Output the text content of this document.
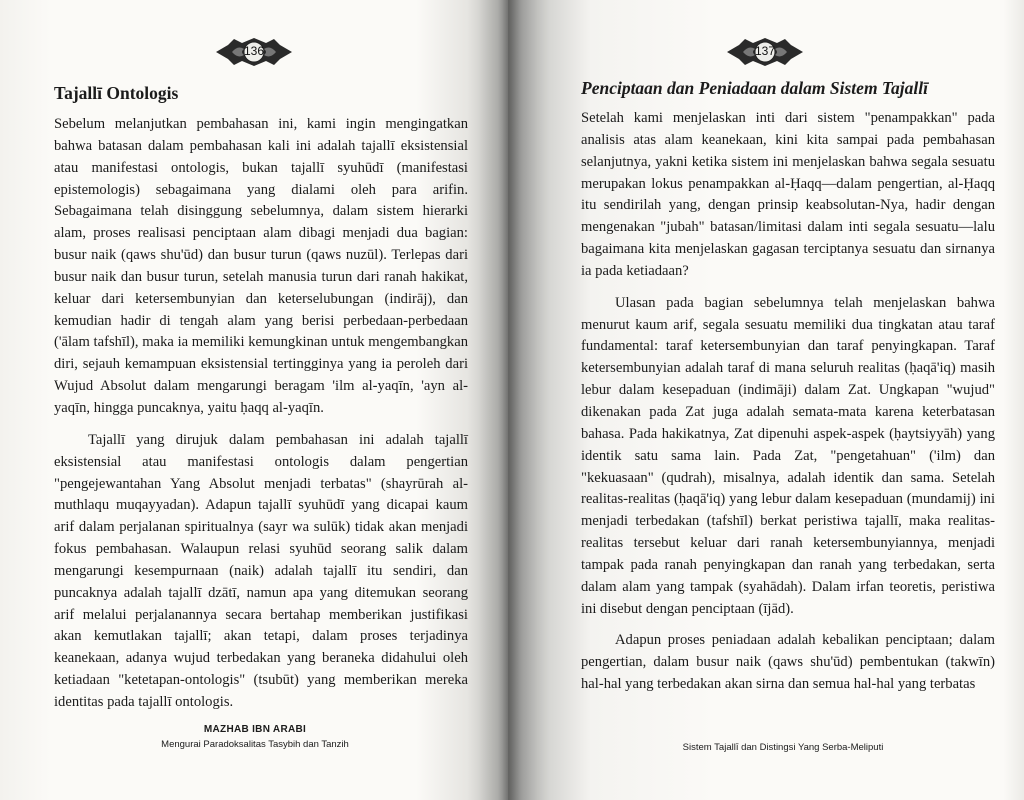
136
Tajallī Ontologis

Sebelum melanjutkan pembahasan ini, kami ingin mengingatkan bahwa batasan dalam pembahasan kali ini adalah tajallī eksistensial atau manifestasi ontologis, bukan tajallī syuhūdī (manifestasi epistemologis) sebagaimana yang dialami oleh para arifin. Sebagaimana telah disinggung sebelumnya, dalam sistem hierarki alam, proses realisasi penciptaan alam dibagi menjadi dua bagian: busur naik (qaws shu'ūd) dan busur turun (qaws nuzūl). Terlepas dari busur naik dan busur turun, setelah manusia turun dari ranah hakikat, keluar dari ketersembunyian dan keterselubungan (indirāj), dan kemudian hadir di tengah alam yang berisi perbedaan-perbedaan ('ālam tafshīl), maka ia memiliki kemungkinan untuk mengembangkan diri, sejauh kemampuan eksistensial tertingginya yang ia peroleh dari Wujud Absolut dalam mengarungi beragam 'ilm al-yaqīn, 'ayn al-yaqīn, hingga puncaknya, yaitu ḥaqq al-yaqīn.

Tajallī yang dirujuk dalam pembahasan ini adalah tajallī eksistensial atau manifestasi ontologis dalam pengertian "pengejewantahan Yang Absolut menjadi terbatas" (shayrūrah al-muthlaqu muqayyadan). Adapun tajallī syuhūdī yang dicapai kaum arif dalam perjalanan spiritualnya (sayr wa sulūk) tidak akan menjadi fokus pembahasan. Walaupun relasi syuhūd seorang salik dalam mengarungi kesempurnaan (naik) adalah tajallī itu sendiri, dan puncaknya adalah tajallī dzātī, namun apa yang ditemukan seorang arif melalui perjalanannya secara bertahap memberikan justifikasi akan kemutlakan tajallī; akan tetapi, dalam proses terjadinya keanekaan, adanya wujud terbedakan yang beraneka didahului oleh ketiadaan "ketetapan-ontologis" (tsubūt) yang memberikan mereka identitas pada tajallī ontologis.

MAZHAB IBN ARABI
Mengurai Paradoksalitas Tasybih dan Tanzih
137
Penciptaan dan Peniadaan dalam Sistem Tajallī

Setelah kami menjelaskan inti dari sistem "penampakkan" pada analisis atas alam keanekaan, kini kita sampai pada pembahasan selanjutnya, yakni ketika sistem ini menjelaskan bahwa segala sesuatu merupakan lokus penampakkan al-Ḥaqq—dalam pengertian, al-Ḥaqq itu sendirilah yang, dengan prinsip keabsolutan-Nya, hadir dengan mengenakan "jubah" batasan/limitasi dalam inti segala sesuatu—lalu bagaimana kita menjelaskan gagasan terciptanya sesuatu dan sirnanya ia pada ketiadaan?

Ulasan pada bagian sebelumnya telah menjelaskan bahwa menurut kaum arif, segala sesuatu memiliki dua tingkatan atau taraf fundamental: taraf ketersembunyian dan taraf penyingkapan. Taraf ketersembunyian adalah taraf di mana seluruh realitas (ḥaqā'iq) masih lebur dalam kesepaduan (indimāji) dalam Zat. Ungkapan "wujud" dikenakan pada Zat juga adalah semata-mata karena keterbatasan bahasa. Pada hakikatnya, Zat dipenuhi aspek-aspek (ḥaytsiyyāh) yang identik satu sama lain. Pada Zat, "pengetahuan" ('ilm) dan "kekuasaan" (qudrah), misalnya, adalah identik dan sama. Setelah realitas-realitas (ḥaqā'iq) yang lebur dalam kesepaduan (mundamij) ini menjadi terbedakan (tafshīl) berkat peristiwa tajallī, maka realitas-realitas tersebut keluar dari ranah ketersembunyiannya, menjadi tampak pada ranah penyingkapan dan ranah yang terbedakan, serta dalam alam yang tampak (syahādah). Dalam irfan teoretis, peristiwa ini disebut dengan penciptaan (ījād).

Adapun proses peniadaan adalah kebalikan penciptaan; dalam pengertian, dalam busur naik (qaws shu'ūd) pembentukan (takwīn) hal-hal yang terbedakan akan sirna dan semua hal-hal yang terbatas

Sistem Tajallī dan Distingsi Yang Serba-Meliputi
